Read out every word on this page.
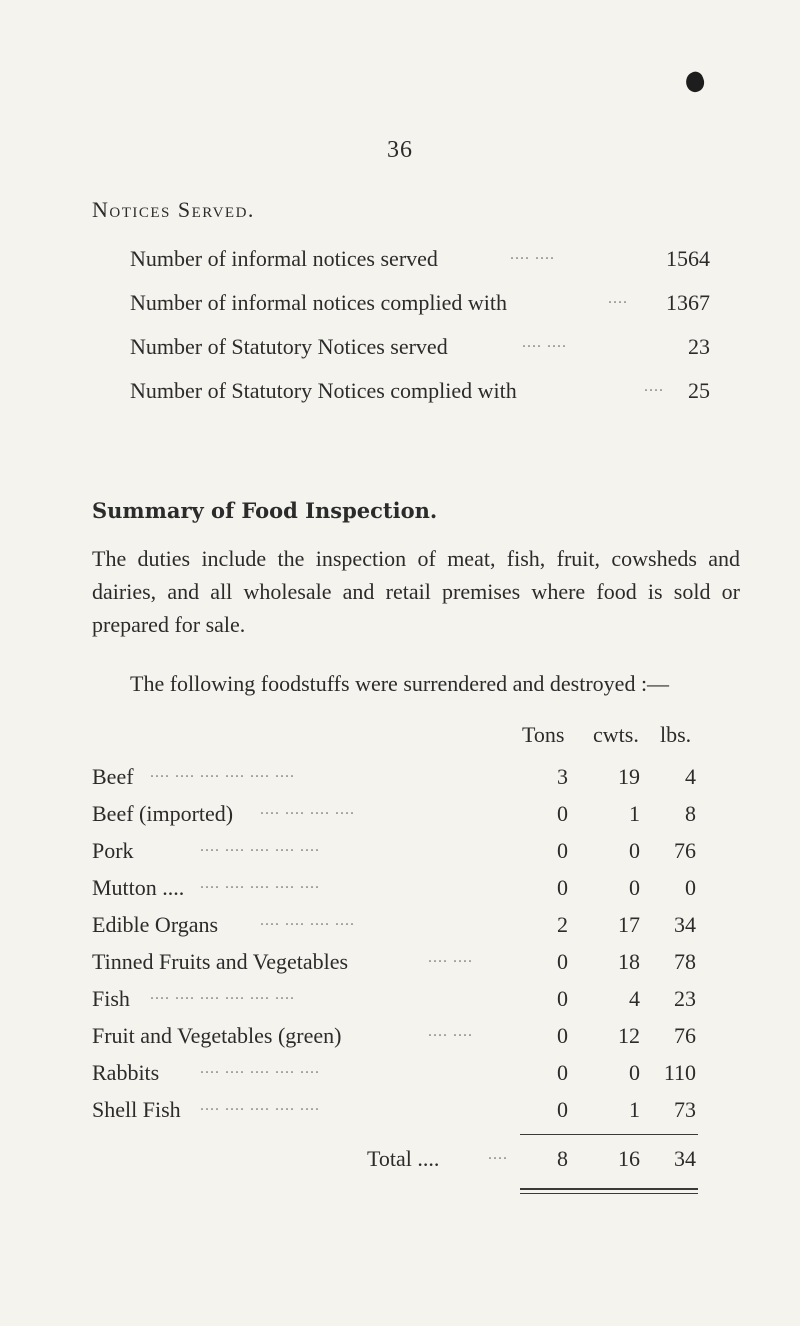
36
Notices Served.
Number of informal notices served	.... ....	1564
Number of informal notices complied with	.... 1367
Number of Statutory Notices served	.... ....	23
Number of Statutory Notices complied with	.... 25
Summary of Food Inspection.
The duties include the inspection of meat, fish, fruit, cowsheds and dairies, and all wholesale and retail premises where food is sold or prepared for sale.
The following foodstuffs were surrendered and destroyed :—
Tons cwts. lbs.
Beef .... .... .... .... .... ....	3	19	4
Beef (imported) .... .... .... ....	0	1	8
Pork	.... .... .... .... ....	0	0	76
Mutton .... .... .... .... .... ....	0	0	0
Edible Organs	.... .... .... ....	2	17	34
Tinned Fruits and Vegetables	.... ....	0	18	78
Fish .... .... .... .... .... ....	0	4	23
Fruit and Vegetables (green)	.... ....	0	12	76
Rabbits	.... .... .... .... ....	0	0	110
Shell Fish .... .... .... .... ....	0	1	73
Total ....	....	8	16	34
